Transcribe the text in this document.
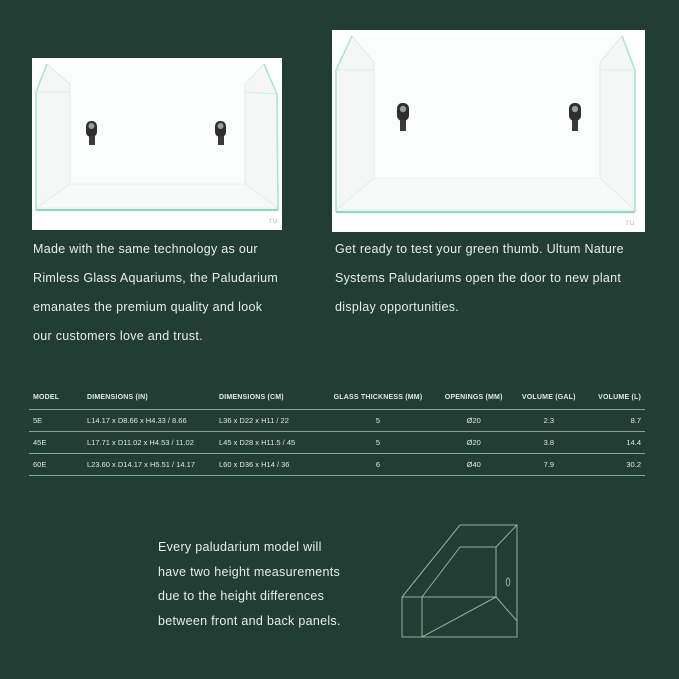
ru	ru
Made with the same technology as our
Rimless Glass Aquariums, the Paludarium
emanates the premium quality and look
our customers love and trust.
Get ready to test your green thumb. Ultum Nature
Systems Paludariums open the door to new plant
display opportunities.
MODEL	DIMENSIONS (IN)	DIMENSIONS (CM)	GLASS THICKNESS (MM)	OPENINGS (MM)	VOLUME (GAL)	VOLUME (L)
5E	L14.17 x D8.66 x H4.33 / 8.66	L36 x D22 x H11 / 22	5	Ø20	2.3	8.7
45E	L17.71 x D11.02 x H4.53 / 11.02	L45 x D28 x H11.5 / 45	5	Ø20	3.8	14.4
60E	L23.60 x D14.17 x H5.51 / 14.17	L60 x D36 x H14 / 36	6	Ø40	7.9	30.2
Every paludarium model will
have two height measurements
due to the height differences
between front and back panels.
